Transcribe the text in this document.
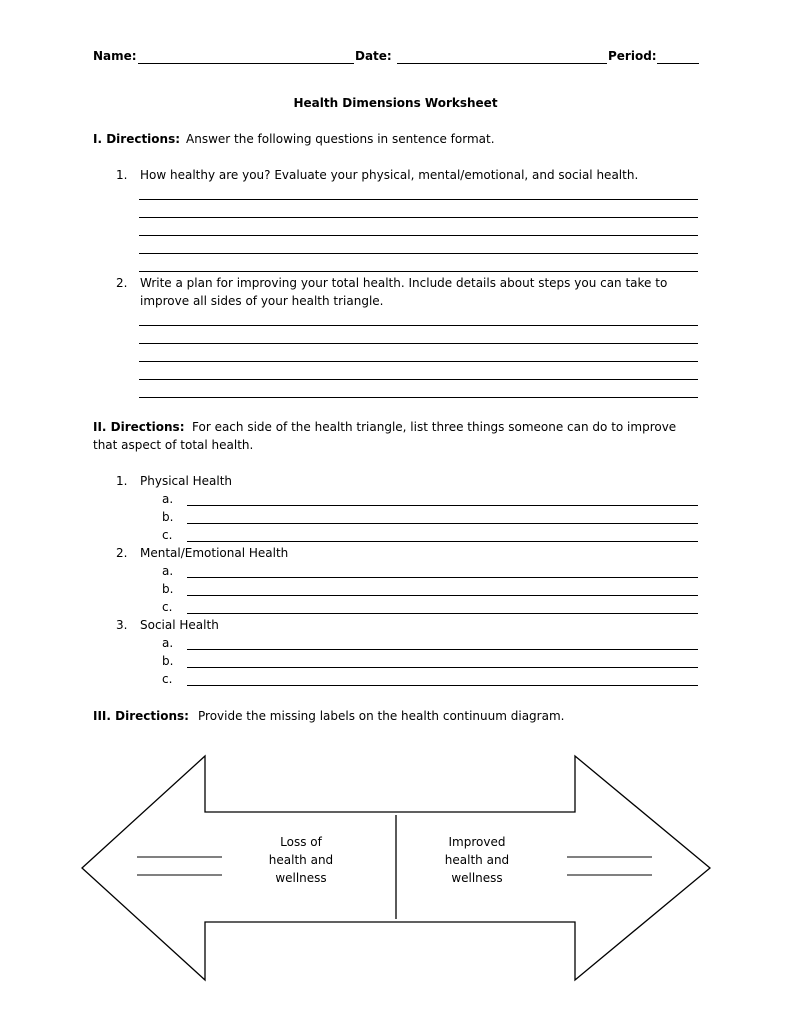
Name:	Date:	Period:
Health Dimensions Worksheet
I. Directions: Answer the following questions in sentence format.
1. How healthy are you? Evaluate your physical, mental/emotional, and social health.
2. Write a plan for improving your total health. Include details about steps you can take to
improve all sides of your health triangle.
II. Directions: For each side of the health triangle, list three things someone can do to improve
that aspect of total health.
1. Physical Health
a.
b.
c.
2. Mental/Emotional Health
a.
b.
c.
3. Social Health
a.
b.
c.
III. Directions: Provide the missing labels on the health continuum diagram.
Loss of
health and
wellness
Improved
health and
wellness
